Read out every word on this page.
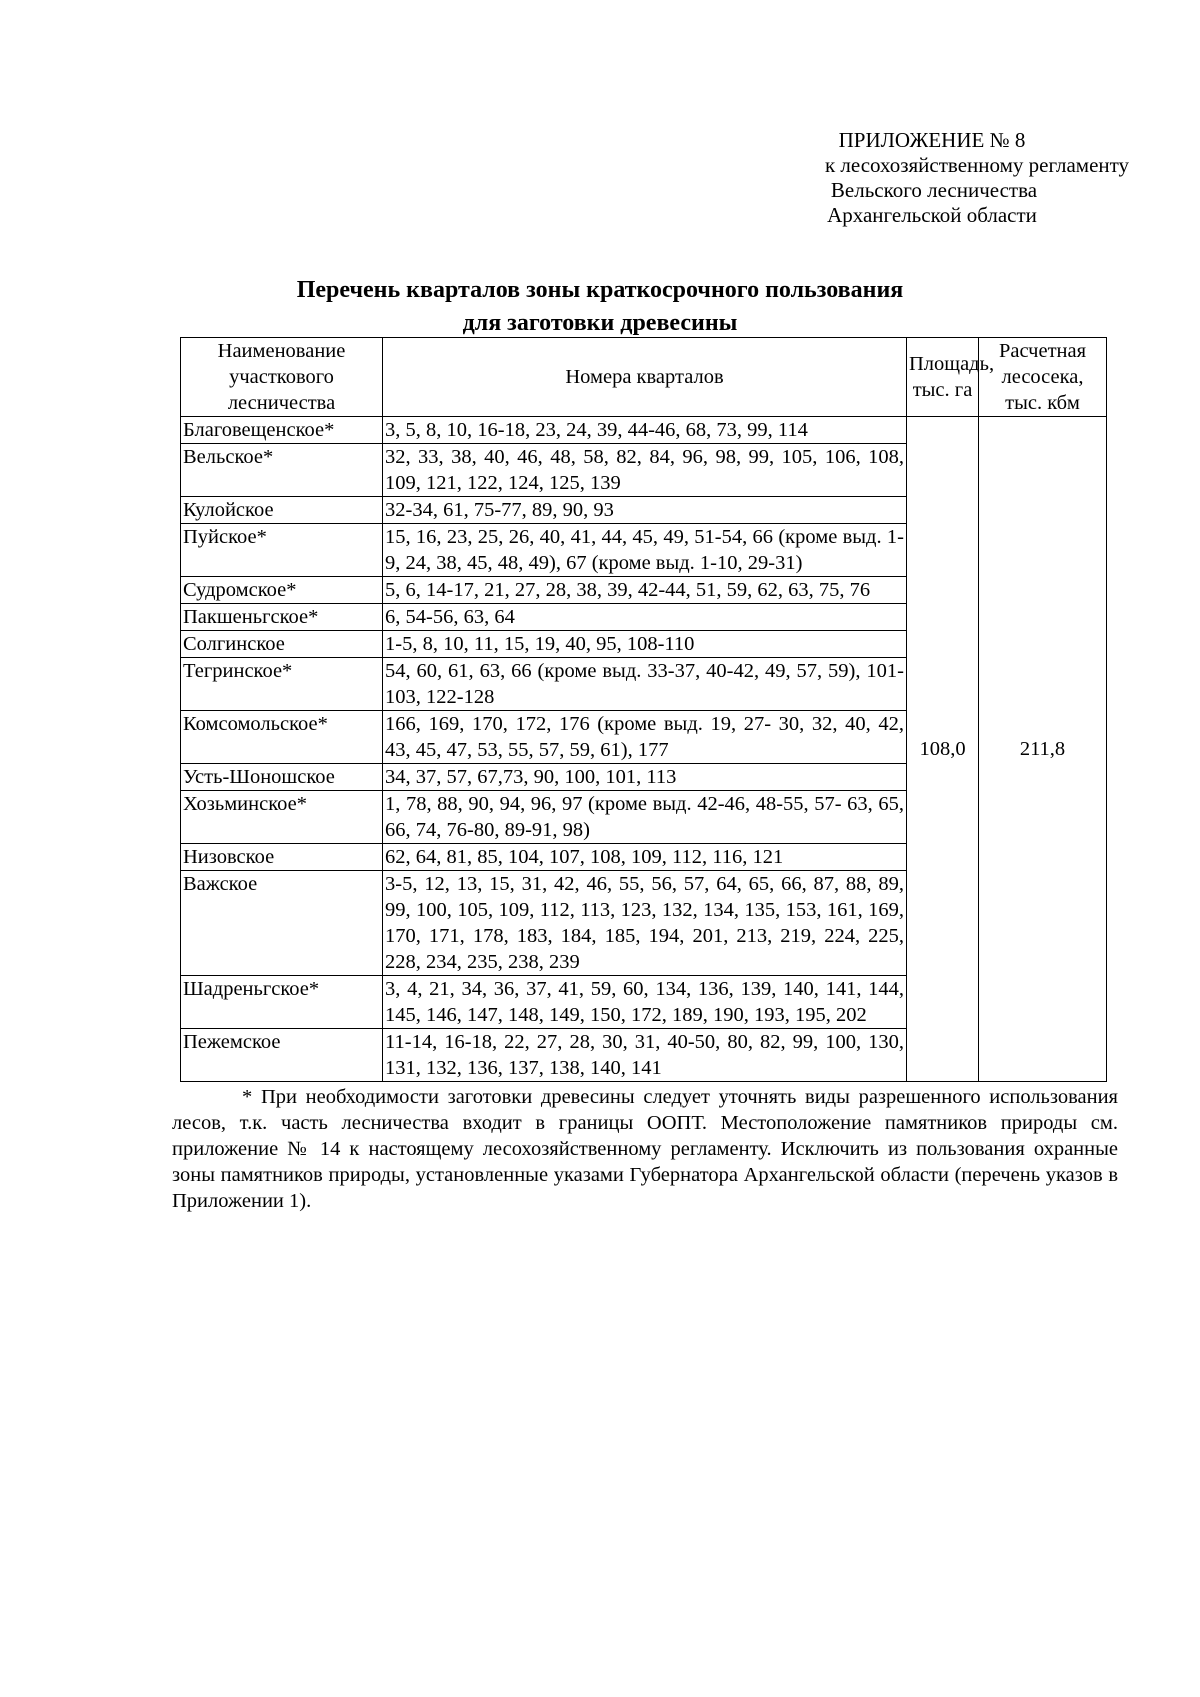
ПРИЛОЖЕНИЕ № 8
к лесохозяйственному регламенту
Вельского лесничества
Архангельской области
Перечень кварталов зоны краткосрочного пользования
для заготовки древесины
Наименование участкового лесничества	Номера кварталов	Площадь, тыс. га	Расчетная лесосека, тыс. кбм
Благовещенское*	3, 5, 8, 10, 16-18, 23, 24, 39, 44-46, 68, 73, 99, 114	108,0	211,8
Вельское*	32, 33, 38, 40, 46, 48, 58, 82, 84, 96, 98, 99, 105, 106, 108, 109, 121, 122, 124, 125, 139		
Кулойское	32-34, 61, 75-77, 89, 90, 93		
Пуйское*	15, 16, 23, 25, 26, 40, 41, 44, 45, 49, 51-54, 66 (кроме выд. 1-9, 24, 38, 45, 48, 49), 67 (кроме выд. 1-10, 29-31)		
Судромское*	5, 6, 14-17, 21, 27, 28, 38, 39, 42-44, 51, 59, 62, 63, 75, 76		
Пакшеньгское*	6, 54-56, 63, 64		
Солгинское	1-5, 8, 10, 11, 15, 19, 40, 95, 108-110		
Тегринское*	54, 60, 61, 63, 66 (кроме выд. 33-37, 40-42, 49, 57, 59), 101-103, 122-128		
Комсомольское*	166, 169, 170, 172, 176 (кроме выд. 19, 27- 30, 32, 40, 42, 43, 45, 47, 53, 55, 57, 59, 61), 177		
Усть-Шоношское	34, 37, 57, 67,73, 90, 100, 101, 113		
Хозьминское*	1, 78, 88, 90, 94, 96, 97 (кроме выд. 42-46, 48-55, 57- 63, 65, 66, 74, 76-80, 89-91, 98)		
Низовское	62, 64, 81, 85, 104, 107, 108, 109, 112, 116, 121		
Важское	3-5, 12, 13, 15, 31, 42, 46, 55, 56, 57, 64, 65, 66, 87, 88, 89, 99, 100, 105, 109, 112, 113, 123, 132, 134, 135, 153, 161, 169, 170, 171, 178, 183, 184, 185, 194, 201, 213, 219, 224, 225, 228, 234, 235, 238, 239		
Шадреньгское*	3, 4, 21, 34, 36, 37, 41, 59, 60, 134, 136, 139, 140, 141, 144, 145, 146, 147, 148, 149, 150, 172, 189, 190, 193, 195, 202		
Пежемское	11-14, 16-18, 22, 27, 28, 30, 31, 40-50, 80, 82, 99, 100, 130, 131, 132, 136, 137, 138, 140, 141		
* При необходимости заготовки древесины следует уточнять виды разрешенного использования лесов, т.к. часть лесничества входит в границы ООПТ. Местоположение памятников природы см. приложение № 14 к настоящему лесохозяйственному регламенту. Исключить из пользования охранные зоны памятников природы, установленные указами Губернатора Архангельской области (перечень указов в Приложении 1).
